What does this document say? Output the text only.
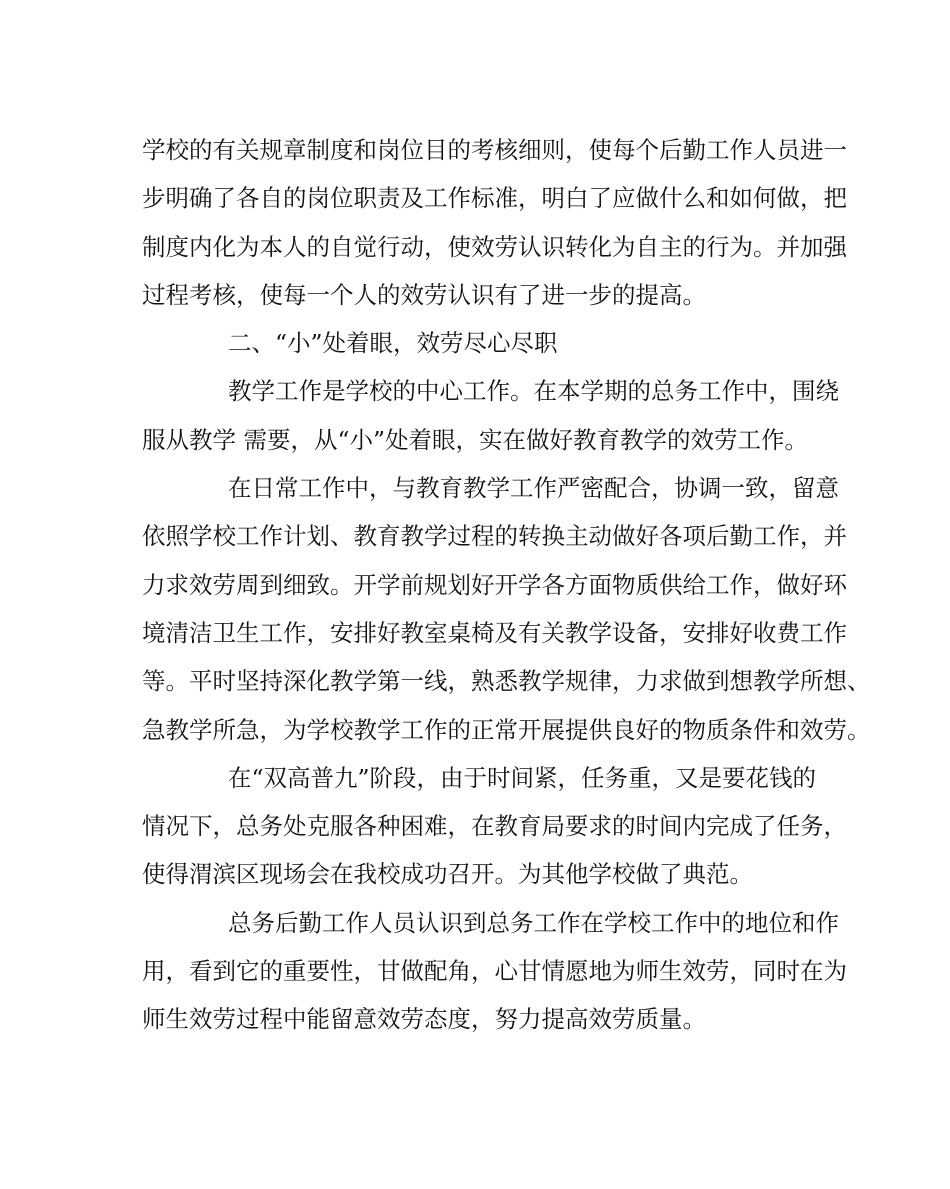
学校的有关规章制度和岗位目的考核细则，使每个后勤工作人员进一
步明确了各自的岗位职责及工作标准，明白了应做什么和如何做，把
制度内化为本人的自觉行动，使效劳认识转化为自主的行为。并加强
过程考核，使每一个人的效劳认识有了进一步的提高。
二、“小”处着眼，效劳尽心尽职
教学工作是学校的中心工作。在本学期的总务工作中，围绕
服从教学 需要，从“小”处着眼，实在做好教育教学的效劳工作。
在日常工作中，与教育教学工作严密配合，协调一致，留意
依照学校工作计划、教育教学过程的转换主动做好各项后勤工作，并
力求效劳周到细致。开学前规划好开学各方面物质供给工作，做好环
境清洁卫生工作，安排好教室桌椅及有关教学设备，安排好收费工作
等。平时坚持深化教学第一线，熟悉教学规律，力求做到想教学所想、
急教学所急，为学校教学工作的正常开展提供良好的物质条件和效劳。
在“双高普九”阶段，由于时间紧，任务重，又是要花钱的
情况下，总务处克服各种困难，在教育局要求的时间内完成了任务，
使得渭滨区现场会在我校成功召开。为其他学校做了典范。
总务后勤工作人员认识到总务工作在学校工作中的地位和作
用，看到它的重要性，甘做配角，心甘情愿地为师生效劳，同时在为
师生效劳过程中能留意效劳态度，努力提高效劳质量。
